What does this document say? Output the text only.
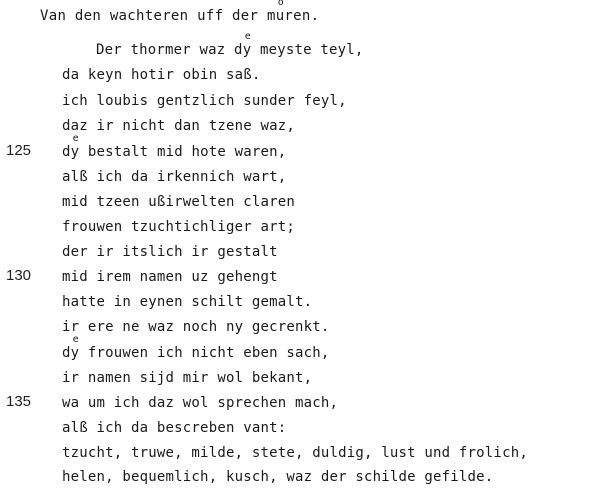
Van den wachteren uff der mu
o
ren.
Der thormer waz dy
e
meyste teyl,
da keyn hotir obin saß.
ich loubis gentzlich sunder feyl,
daz ir nicht dan tzene waz,
125 dy
e
bestalt mid hote waren,
alß ich da irkennich wart,
mid tzeen ußirwelten claren
frouwen tzuchtichliger art;
der ir itslich ir gestalt
130 mid irem namen uz gehengt
hatte in eynen schilt gemalt.
ir ere ne waz noch ny gecrenkt.
dy
e
frouwen ich nicht eben sach,
ir namen sijd mir wol bekant,
135 wa um ich daz wol sprechen mach,
alß ich da bescreben vant:
tzucht, truwe, milde, stete, duldig, lust und frolich,
helen, bequemlich, kusch, waz der schilde gefilde.
